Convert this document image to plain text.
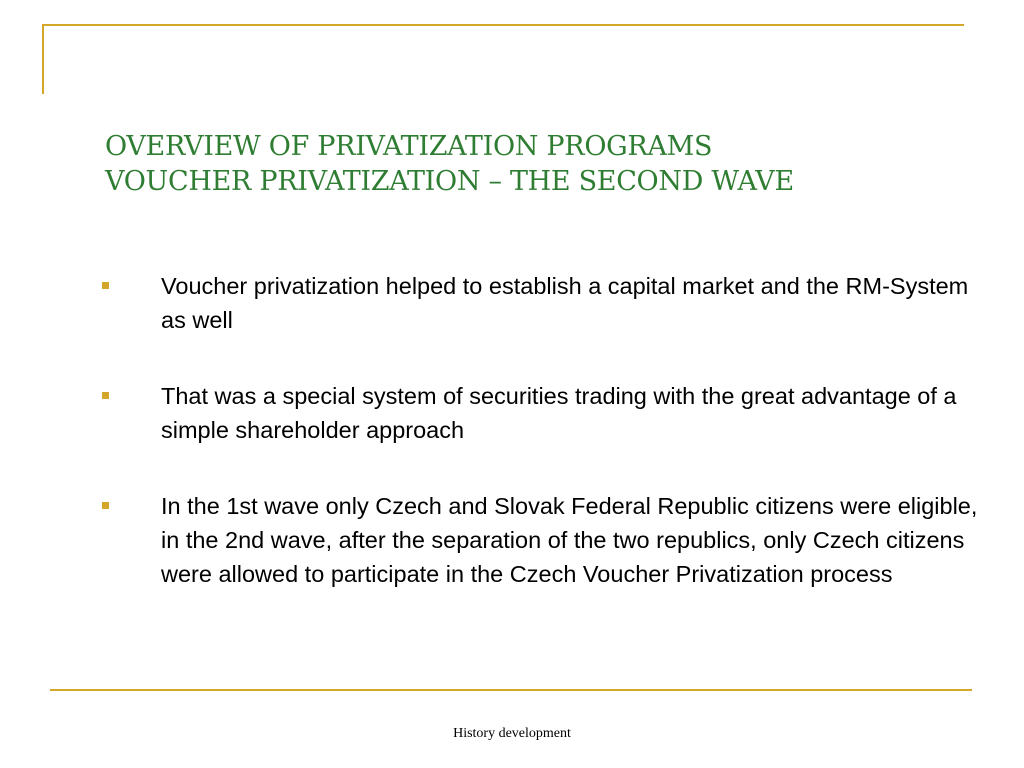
OVERVIEW OF PRIVATIZATION PROGRAMS
VOUCHER PRIVATIZATION – THE SECOND WAVE
Voucher privatization helped to establish a capital market and the RM-System as well
That was a special system of securities trading with the great advantage of a simple shareholder approach
In the 1st wave only Czech and Slovak Federal Republic citizens were eligible, in the 2nd wave, after the separation of the two republics, only Czech citizens were allowed to participate in the Czech Voucher Privatization process
History development
